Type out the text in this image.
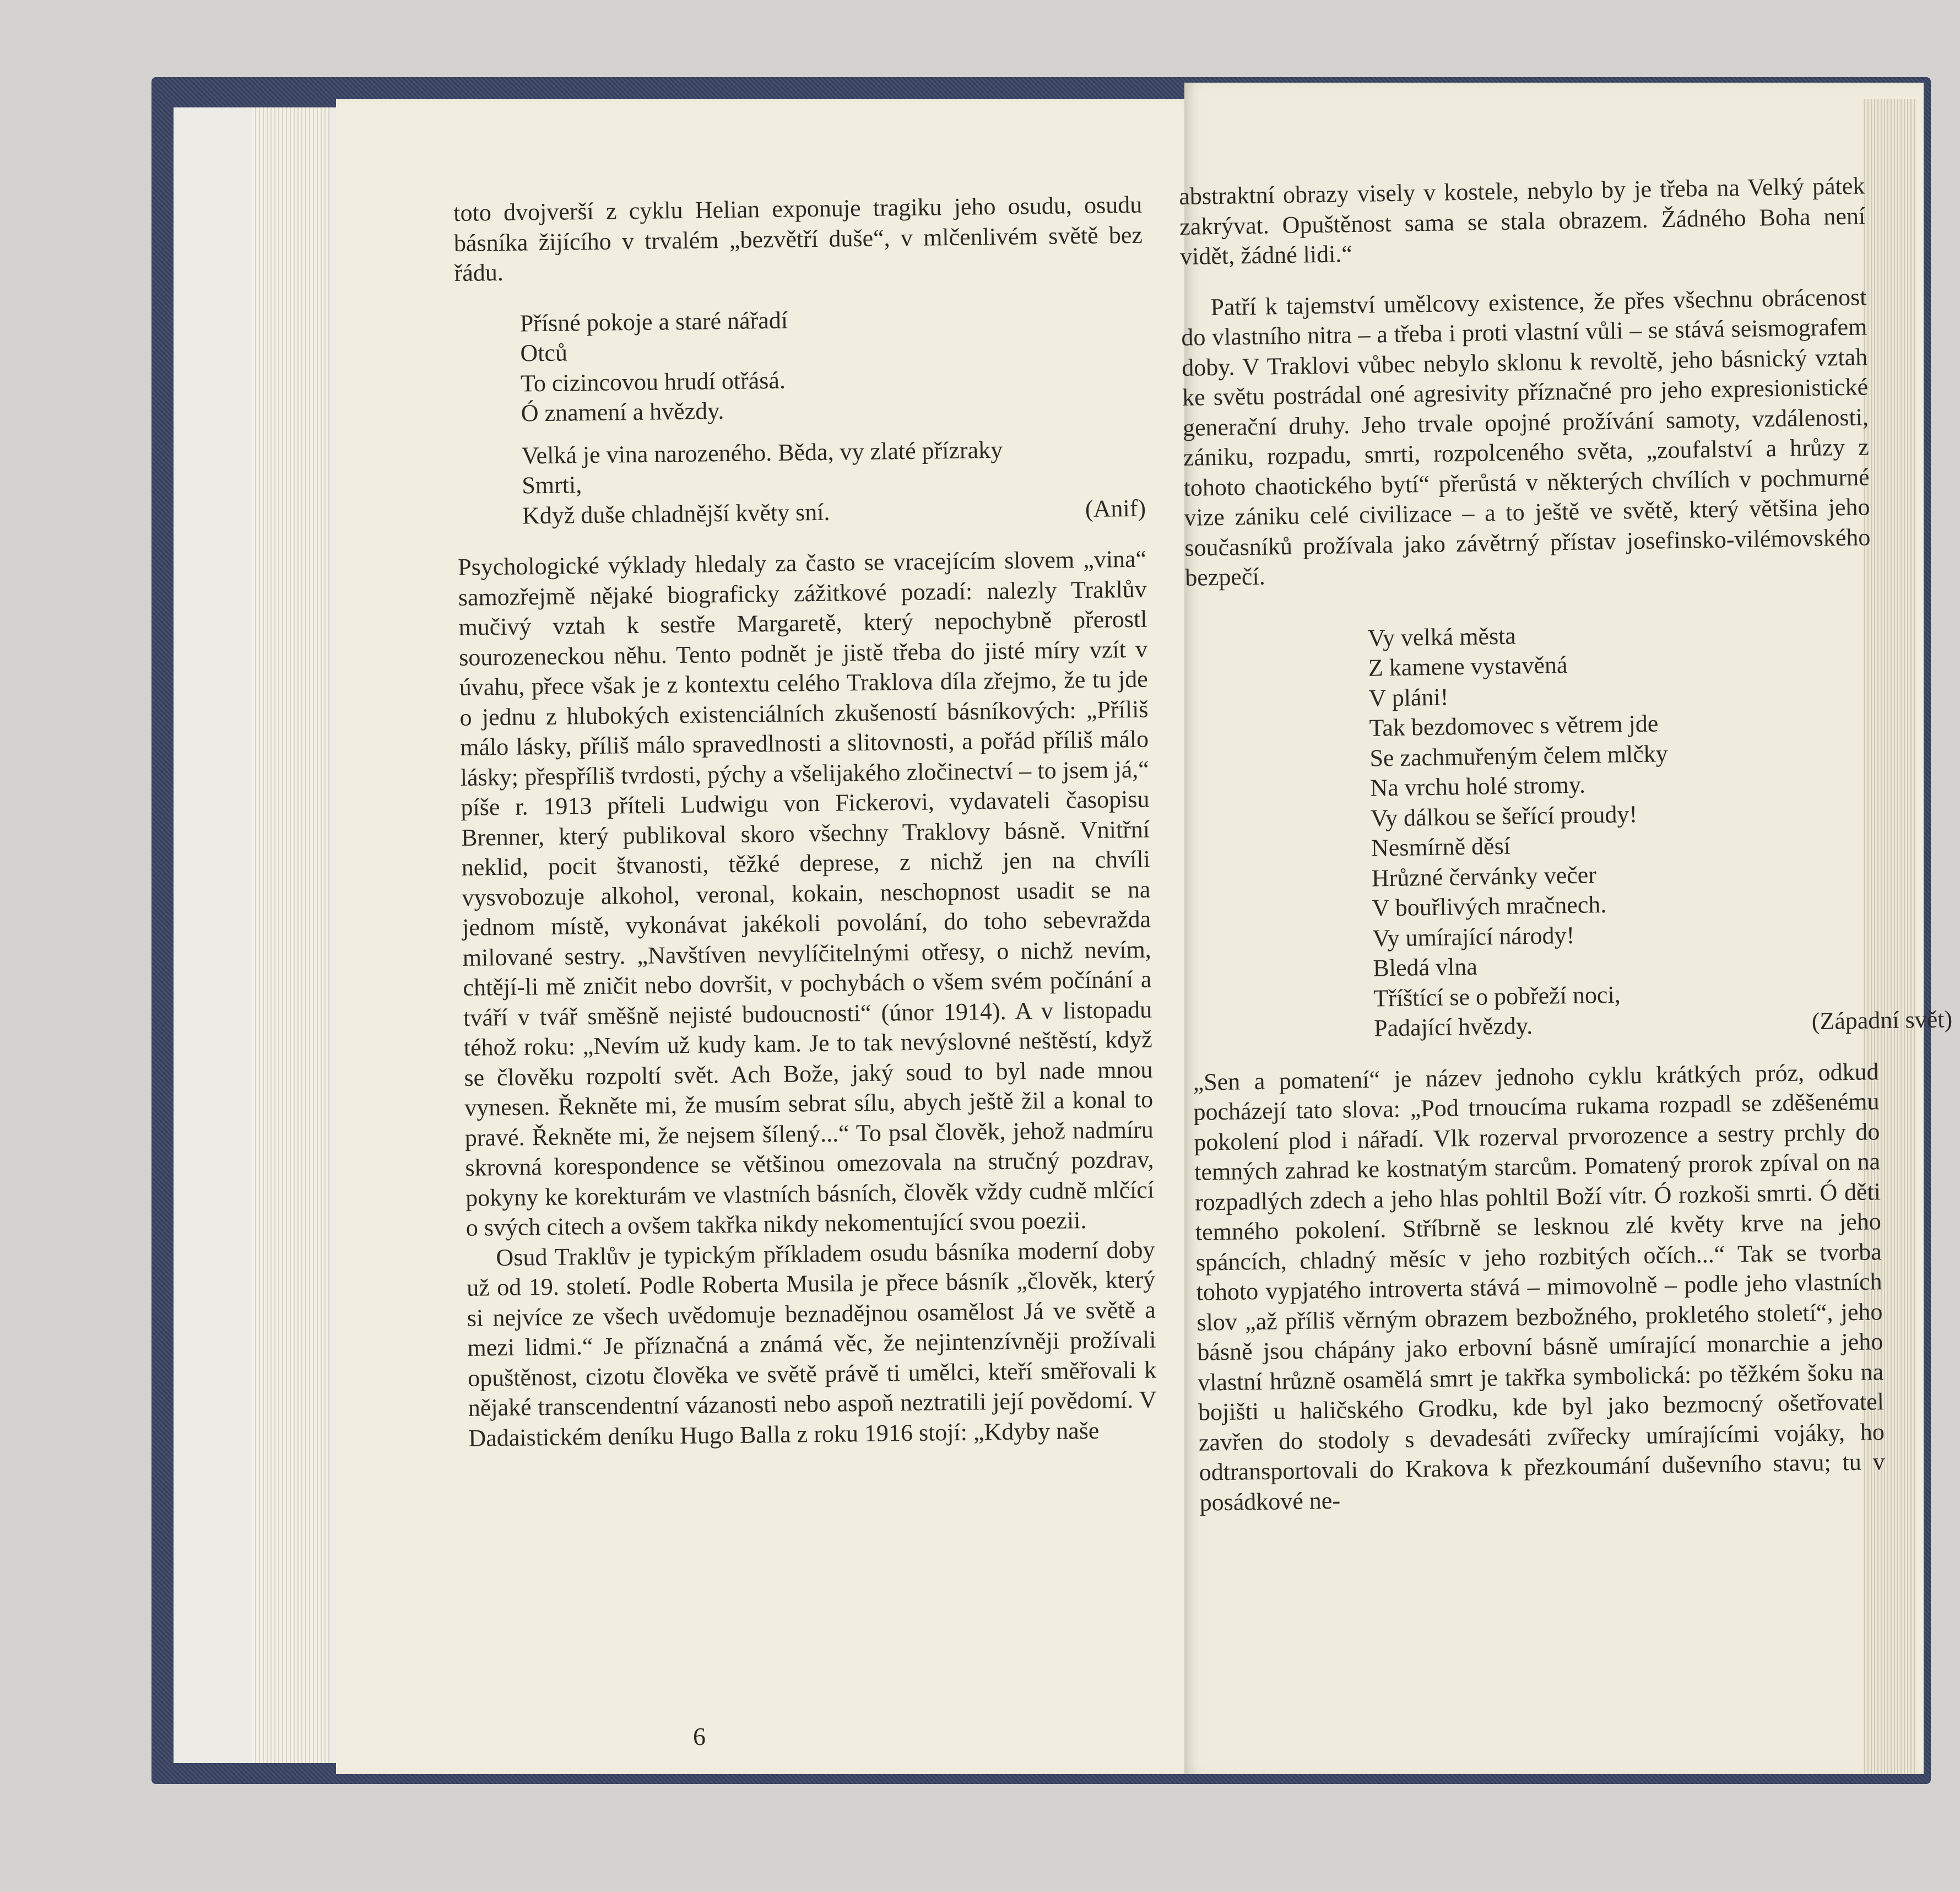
toto dvojverší z cyklu Helian exponuje tragiku jeho osudu, osudu básníka žijícího v trvalém „bezvětří duše“, v mlčenlivém světě bez řádu.

Přísné pokoje a staré nářadí
Otců
To cizincovou hrudí otřásá.
Ó znamení a hvězdy.
Velká je vina narozeného. Běda, vy zlaté přízraky
Smrti,
Když duše chladnější květy sní.	(Anif)

Psychologické výklady hledaly za často se vracejícím slovem „vina“ samozřejmě nějaké biograficky zážitkové pozadí: nalezly Traklův mučivý vztah k sestře Margaretě, který nepochybně přerostl sourozeneckou něhu. Tento podnět je jistě třeba do jisté míry vzít v úvahu, přece však je z kontextu celého Traklova díla zřejmo, že tu jde o jednu z hlubokých existenciálních zkušeností básníkových: „Příliš málo lásky, příliš málo spravedlnosti a slitovnosti, a pořád příliš málo lásky; přespříliš tvrdosti, pýchy a všelijakého zločinectví – to jsem já,“ píše r. 1913 příteli Ludwigu von Fickerovi, vydavateli časopisu Brenner, který publikoval skoro všechny Traklovy básně. Vnitřní neklid, pocit štvanosti, těžké deprese, z nichž jen na chvíli vysvobozuje alkohol, veronal, kokain, neschopnost usadit se na jednom místě, vykonávat jakékoli povolání, do toho sebevražda milované sestry. „Navštíven nevylíčitelnými otřesy, o nichž nevím, chtějí-li mě zničit nebo dovršit, v pochybách o všem svém počínání a tváří v tvář směšně nejisté budoucnosti“ (únor 1914). A v listopadu téhož roku: „Nevím už kudy kam. Je to tak nevýslovné neštěstí, když se člověku rozpoltí svět. Ach Bože, jaký soud to byl nade mnou vynesen. Řekněte mi, že musím sebrat sílu, abych ještě žil a konal to pravé. Řekněte mi, že nejsem šílený...“ To psal člověk, jehož nadmíru skrovná korespondence se většinou omezovala na stručný pozdrav, pokyny ke korekturám ve vlastních básních, člověk vždy cudně mlčící o svých citech a ovšem takřka nikdy nekomentující svou poezii.

Osud Traklův je typickým příkladem osudu básníka moderní doby už od 19. století. Podle Roberta Musila je přece básník „člověk, který si nejvíce ze všech uvědomuje beznadějnou osamělost Já ve světě a mezi lidmi.“ Je příznačná a známá věc, že nejintenzívněji prožívali opuštěnost, cizotu člověka ve světě právě ti umělci, kteří směřovali k nějaké transcendentní vázanosti nebo aspoň neztratili její povědomí. V Dadaistickém deníku Hugo Balla z roku 1916 stojí: „Kdyby naše

abstraktní obrazy visely v kostele, nebylo by je třeba na Velký pátek zakrývat. Opuštěnost sama se stala obrazem. Žádného Boha není vidět, žádné lidi.“

Patří k tajemství umělcovy existence, že přes všechnu obrácenost do vlastního nitra – a třeba i proti vlastní vůli – se stává seismografem doby. V Traklovi vůbec nebylo sklonu k revoltě, jeho básnický vztah ke světu postrádal oné agresivity příznačné pro jeho expresionistické generační druhy. Jeho trvale opojné prožívání samoty, vzdálenosti, zániku, rozpadu, smrti, rozpolceného světa, „zoufalství a hrůzy z tohoto chaotického bytí“ přerůstá v některých chvílích v pochmurné vize zániku celé civilizace – a to ještě ve světě, který většina jeho současníků prožívala jako závětrný přístav josefinsko-vilémovského bezpečí.

Vy velká města
Z kamene vystavěná
V pláni!
Tak bezdomovec s větrem jde
Se zachmuřeným čelem mlčky
Na vrchu holé stromy.
Vy dálkou se šeřící proudy!
Nesmírně děsí
Hrůzné červánky večer
V bouřlivých mračnech.
Vy umírající národy!
Bledá vlna
Tříštící se o pobřeží noci,
Padající hvězdy.	(Západní svět)

„Sen a pomatení“ je název jednoho cyklu krátkých próz, odkud pocházejí tato slova: „Pod trnoucíma rukama rozpadl se zděšenému pokolení plod i nářadí. Vlk rozerval prvorozence a sestry prchly do temných zahrad ke kostnatým starcům. Pomatený prorok zpíval on na rozpadlých zdech a jeho hlas pohltil Boží vítr. Ó rozkoši smrti. Ó děti temného pokolení. Stříbrně se lesknou zlé květy krve na jeho spáncích, chladný měsíc v jeho rozbitých očích...“ Tak se tvorba tohoto vypjatého introverta stává – mimovolně – podle jeho vlastních slov „až příliš věrným obrazem bezbožného, prokletého století“, jeho básně jsou chápány jako erbovní básně umírající monarchie a jeho vlastní hrůzně osamělá smrt je takřka symbolická: po těžkém šoku na bojišti u haličského Grodku, kde byl jako bezmocný ošetřovatel zavřen do stodoly s devadesáti zvířecky umírajícími vojáky, ho odtransportovali do Krakova k přezkoumání duševního stavu; tu v posádkové ne-

6
